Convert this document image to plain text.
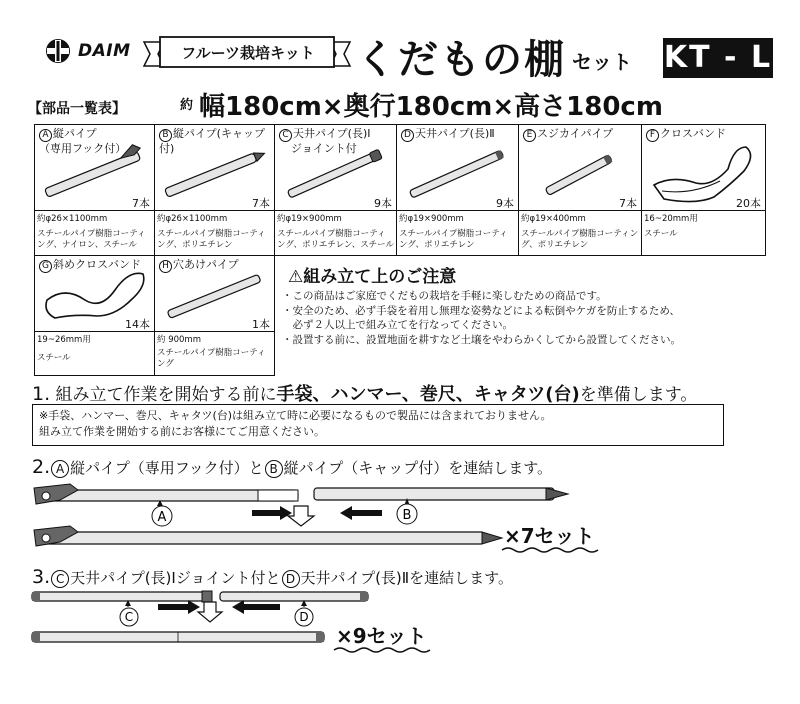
DAIM	フルーツ栽培キット	くだもの棚 セット KT - L
【部品一覧表】	$^約$ 幅180cm×奥行180cm×高さ180cm
A 縦パイプ
（専用フック付）
7本
約φ26×1100mm
スチールパイプ樹脂コーティング、ナイロン、スチール
B 縦パイプ(キャップ付)
7本
約φ26×1100mm
スチールパイプ樹脂コーティング、ポリエチレン
C 天井パイプ(長)Ⅰ
ジョイント付
9本
約φ19×900mm
スチールパイプ樹脂コーティング、ポリエチレン、スチール
D 天井パイプ(長)Ⅱ
9本
約φ19×900mm
スチールパイプ樹脂コーティング、ポリエチレン
E スジカイパイプ
7本
約φ19×400mm
スチールパイプ樹脂コーティング、ポリエチレン
F クロスバンド
20本
16~20mm用
スチール
G 斜めクロスバンド
14本
19~26mm用
スチール
H 穴あけパイプ
1本
約 900mm
スチールパイプ樹脂コーティング
⚠組み立て上のご注意
・この商品はご家庭でくだもの栽培を手軽に楽しむための商品です。
・安全のため、必ず手袋を着用し無理な姿勢などによる転倒やケガを防止するため、
　必ず２人以上で組み立てを行なってください。
・設置する前に、設置地面を耕すなど土壌をやわらかくしてから設置してください。
1. 組み立て作業を開始する前に手袋、ハンマー、巻尺、キャタツ(台)を準備します。
※手袋、ハンマー、巻尺、キャタツ(台)は組み立て時に必要になるもので製品には含まれておりません。
組み立て作業を開始する前にお客様にてご用意ください。
2. A 縦パイプ（専用フック付）と B 縦パイプ（キャップ付）を連結します。
A	B
×7セット
3. C 天井パイプ(長)Ⅰジョイント付と D 天井パイプ(長)Ⅱを連結します。
C	D
×9セット
